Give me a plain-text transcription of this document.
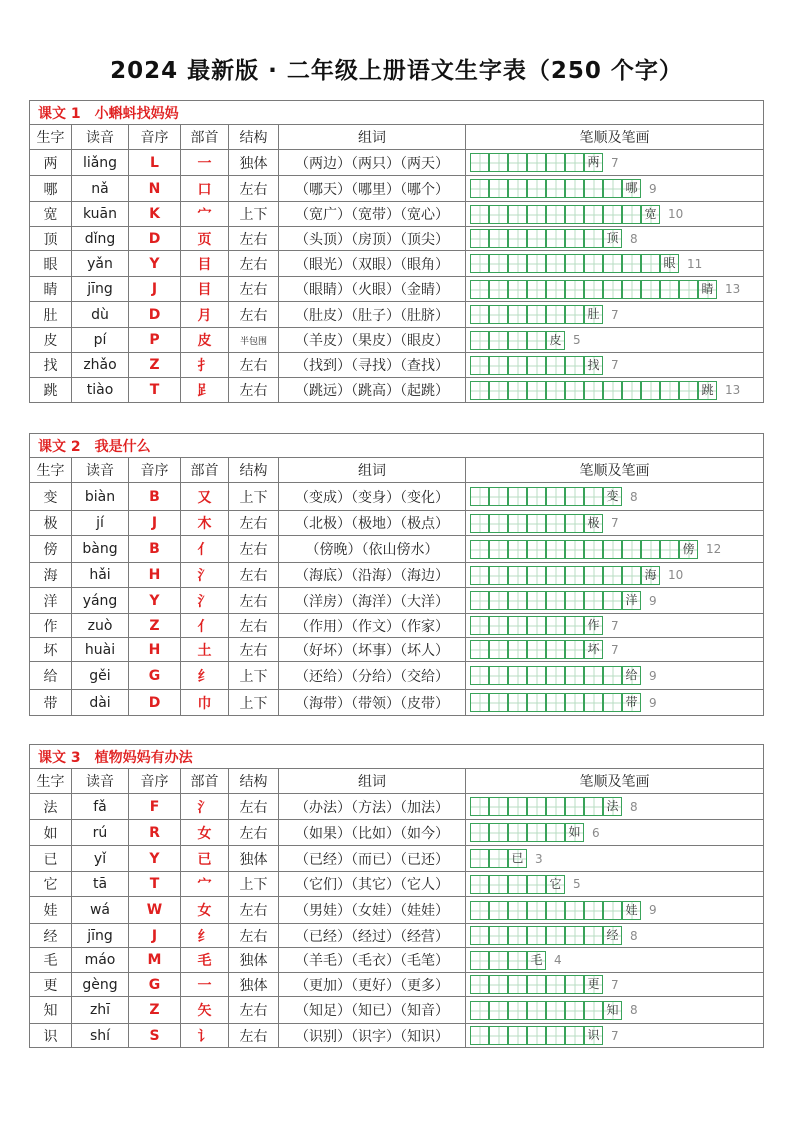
2024 最新版 · 二年级上册语文生字表（250 个字）
课文 1 小蝌蚪找妈妈						
生字	读音	音序	部首	结构	组词	笔顺及笔画
两	liǎng	L	一	独体	（两边）（两只）（两天）	两 7
哪	nǎ	N	口	左右	（哪天）（哪里）（哪个）	哪 9
宽	kuān	K	宀	上下	（宽广）（宽带）（宽心）	宽 10
顶	dǐng	D	页	左右	（头顶）（房顶）（顶尖）	顶 8
眼	yǎn	Y	目	左右	（眼光）（双眼）（眼角）	眼 11
睛	jīng	J	目	左右	（眼睛）（火眼）（金睛）	睛 13
肚	dù	D	月	左右	（肚皮）（肚子）（肚脐）	肚 7
皮	pí	P	皮	半包围	（羊皮）（果皮）（眼皮）	皮 5
找	zhǎo	Z	扌	左右	（找到）（寻找）（查找）	找 7
跳	tiào	T	𧾷	左右	（跳远）（跳高）（起跳）	跳 13
课文 2 我是什么						
生字	读音	音序	部首	结构	组词	笔顺及笔画
变	biàn	B	又	上下	（变成）（变身）（变化）	变 8
极	jí	J	木	左右	（北极）（极地）（极点）	极 7
傍	bàng	B	亻	左右	（傍晚）（依山傍水）	傍 12
海	hǎi	H	氵	左右	（海底）（沿海）（海边）	海 10
洋	yáng	Y	氵	左右	（洋房）（海洋）（大洋）	洋 9
作	zuò	Z	亻	左右	（作用）（作文）（作家）	作 7
坏	huài	H	土	左右	（好坏）（坏事）（坏人）	坏 7
给	gěi	G	纟	上下	（还给）（分给）（交给）	给 9
带	dài	D	巾	上下	（海带）（带领）（皮带）	带 9
课文 3 植物妈妈有办法						
生字	读音	音序	部首	结构	组词	笔顺及笔画
法	fǎ	F	氵	左右	（办法）（方法）（加法）	法 8
如	rú	R	女	左右	（如果）（比如）（如今）	如 6
已	yǐ	Y	已	独体	（已经）（而已）（已还）	已 3
它	tā	T	宀	上下	（它们）（其它）（它人）	它 5
娃	wá	W	女	左右	（男娃）（女娃）（娃娃）	娃 9
经	jīng	J	纟	左右	（已经）（经过）（经营）	经 8
毛	máo	M	毛	独体	（羊毛）（毛衣）（毛笔）	毛 4
更	gèng	G	一	独体	（更加）（更好）（更多）	更 7
知	zhī	Z	矢	左右	（知足）（知已）（知音）	知 8
识	shí	S	讠	左右	（识别）（识字）（知识）	识 7
